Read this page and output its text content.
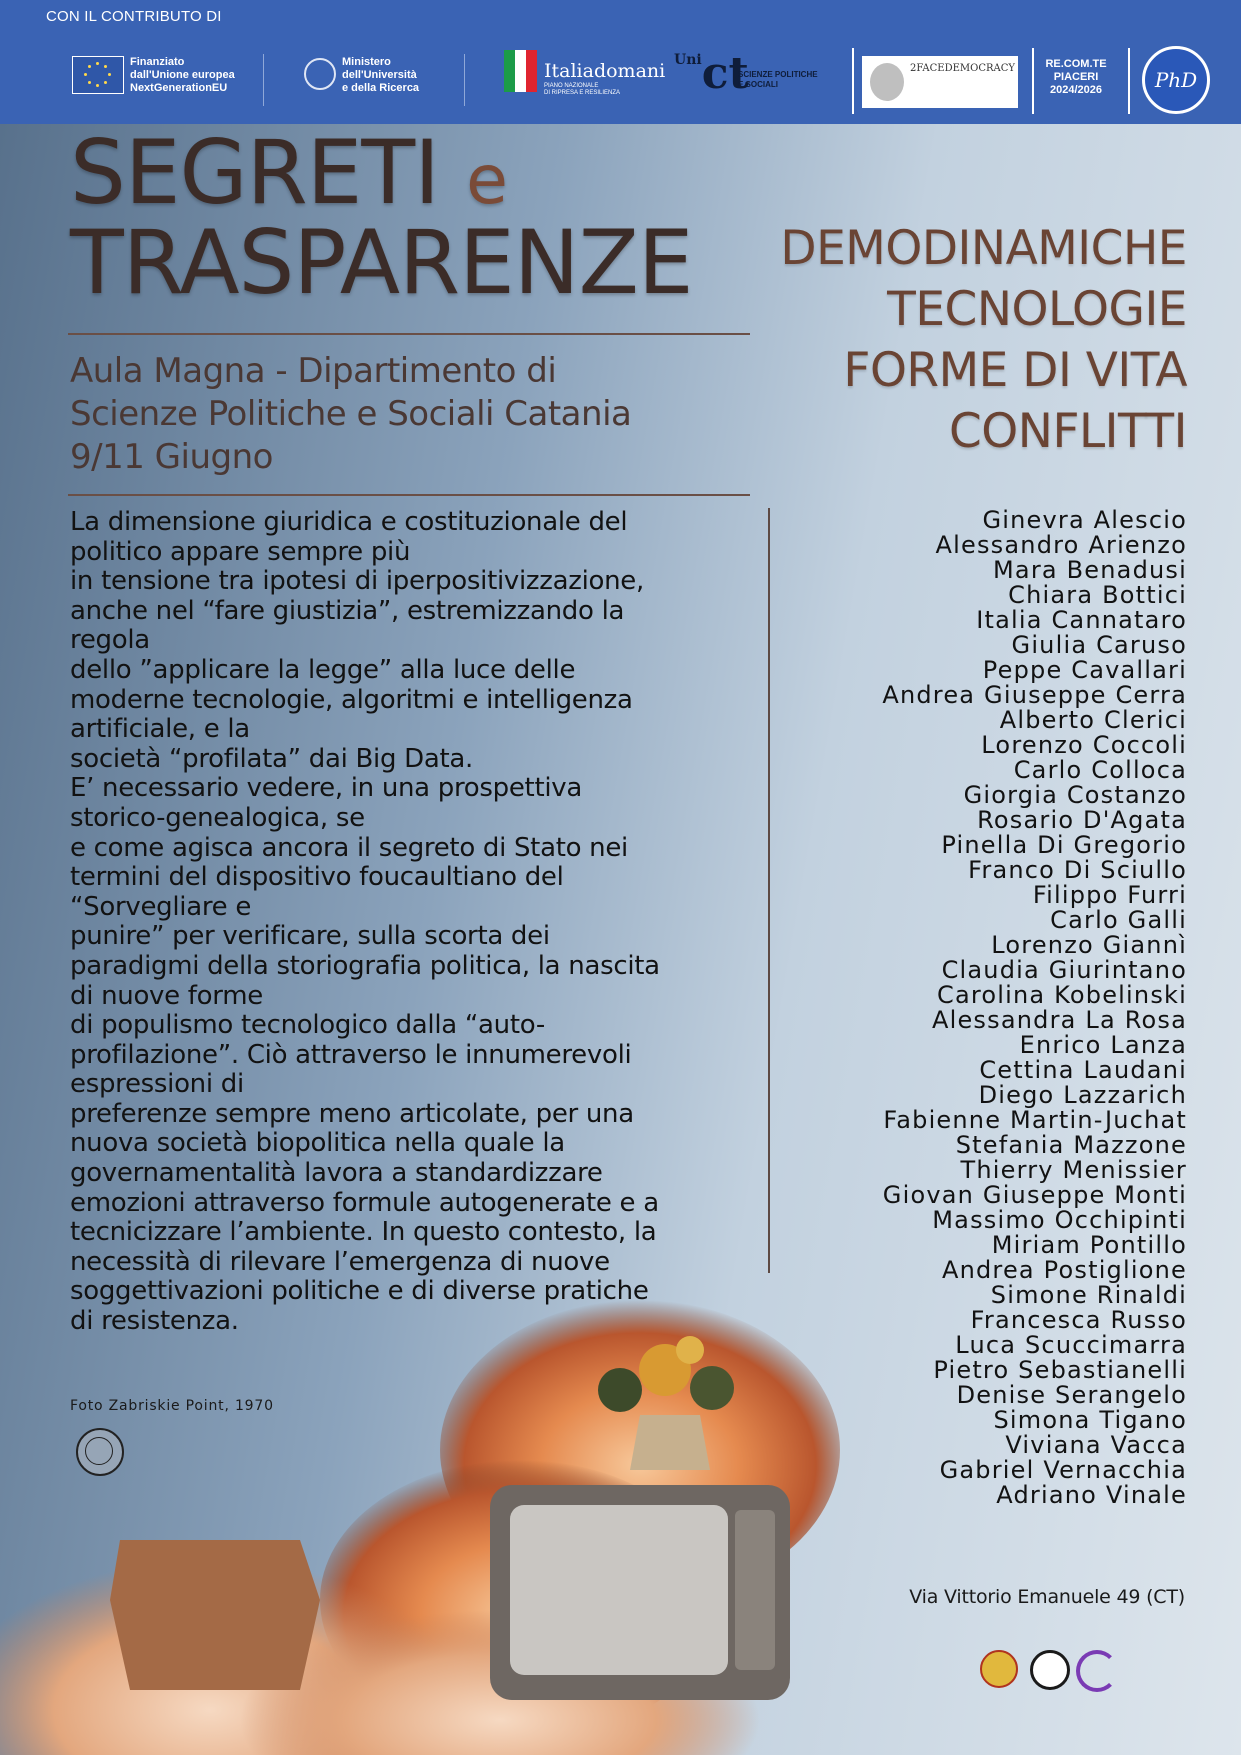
CON IL CONTRIBUTO DI
Finanziato
dall'Unione europea
NextGenerationEU
Ministero
dell'Università
e della Ricerca
Italiadomani
PIANO NAZIONALE
DI RIPRESA E RESILIENZA
Unict
SCIENZE POLITICHE
E SOCIALI
2FACEDEMOCRACY	RE.COM.TE
PIACERI
2024/2026	PhD
SEGRETI e
TRASPARENZE DEMODINAMICHE
TECNOLOGIE
FORME DI VITA
CONFLITTI
Aula Magna - Dipartimento di
Scienze Politiche e Sociali Catania
9/11 Giugno
La dimensione giuridica e costituzionale del
politico appare sempre più
in tensione tra ipotesi di iperpositivizzazione,
anche nel “fare giustizia”, estremizzando la
regola
dello ”applicare la legge” alla luce delle
moderne tecnologie, algoritmi e intelligenza
artificiale, e la
società “profilata” dai Big Data.
E’ necessario vedere, in una prospettiva
storico-genealogica, se
e come agisca ancora il segreto di Stato nei
termini del dispositivo foucaultiano del
“Sorvegliare e
punire” per verificare, sulla scorta dei
paradigmi della storiografia politica, la nascita
di nuove forme
di populismo tecnologico dalla “auto-
profilazione”. Ciò attraverso le innumerevoli
espressioni di
preferenze sempre meno articolate, per una
nuova società biopolitica nella quale la
governamentalità lavora a standardizzare
emozioni attraverso formule autogenerate e a
tecnicizzare l’ambiente. In questo contesto, la
necessità di rilevare l’emergenza di nuove
soggettivazioni politiche e di diverse pratiche
di resistenza.
Ginevra Alescio
Alessandro Arienzo
Mara Benadusi
Chiara Bottici
Italia Cannataro
Giulia Caruso
Peppe Cavallari
Andrea Giuseppe Cerra
Alberto Clerici
Lorenzo Coccoli
Carlo Colloca
Giorgia Costanzo
Rosario D'Agata
Pinella Di Gregorio
Franco Di Sciullo
Filippo Furri
Carlo Galli
Lorenzo Giannì
Claudia Giurintano
Carolina Kobelinski
Alessandra La Rosa
Enrico Lanza
Cettina Laudani
Diego Lazzarich
Fabienne Martin-Juchat
Stefania Mazzone
Thierry Menissier
Giovan Giuseppe Monti
Massimo Occhipinti
Miriam Pontillo
Andrea Postiglione
Simone Rinaldi
Francesca Russo
Luca Scuccimarra
Pietro Sebastianelli
Denise Serangelo
Simona Tigano
Viviana Vacca
Gabriel Vernacchia
Adriano Vinale
Foto Zabriskie Point, 1970
Via Vittorio Emanuele 49 (CT)
